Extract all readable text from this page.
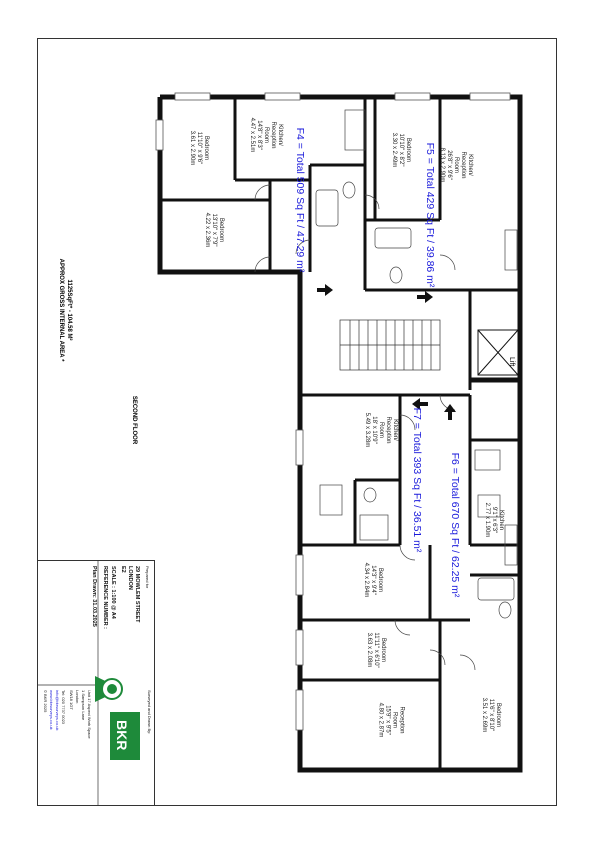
Lift
Bedroom
11'10" x 9'6"
3.61 x 2.90m	Kitchen/
Reception
Room
14'8" x 8'3"
4.47 x 2.51m
Bedroom
13'10" x 7'9"
4.22 x 2.36m
Bedroom
10'10" x 8'2"
3.30 x 2.49m	Kitchen/
Reception
Room
26'8" x 9'6"
8.13 x 2.90m
Kitchen/
Reception
Room
18' x 10'9"
5.49 x 3.28m
Kitchen
9'1" x 6'3"
2.77 x 1.90m
Bedroom
14'3" x 9'4"
4.34 x 2.84m
Bedroom
11'11" x 6'10"
3.63 x 2.08m
Reception
Room
15'9" x 9'5"
4.80 x 2.87m	Bedroom
11'6" x 8'10"
3.51 x 2.69m
F4 = Total 509 Sq Ft / 47.29 m²	F5 = Total 429 Sq Ft / 39.86 m²
F6 = Total 670 Sq Ft / 62.25 m²
F7 = Total 393 Sq Ft / 36.51 m²
SECOND FLOOR
APPROX GROSS INTERNAL AREA * 1125SqFt* - 104.58 M²
Prepared for
29 MOWLEM STREET
LONDON
E2
SCALE : 1:100 @ A4
REFERENCE NUMBER :
Plan Drawn: 31.03.2025
Surveyed and Drawn By:
Unit 17 Aspect Work Space
1 Sampson Lane
London
SW18 1GT
Tel: 020 7737 0023
info@bkrsurveys.co.uk
www.bkrsurveys.co.uk
© BKR 2025
BKR
